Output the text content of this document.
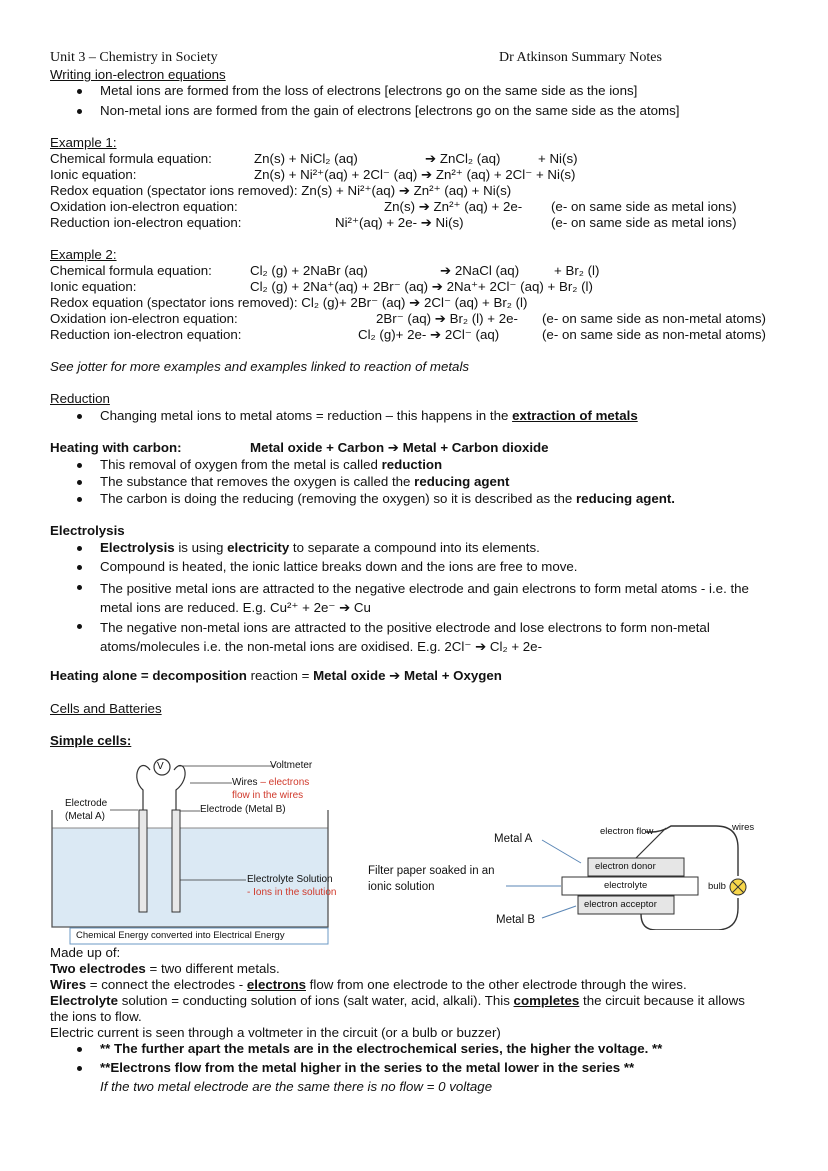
Unit 3 – Chemistry in Society	Dr Atkinson Summary Notes
Writing ion-electron equations
Metal ions are formed from the loss of electrons [electrons go on the same side as the ions]
Non-metal ions are formed from the gain of electrons [electrons go on the same side as the atoms]
Example 1:
Chemical formula equation:	Zn(s) + NiCl₂ (aq)	➔ ZnCl₂ (aq)	+ Ni(s)
Ionic equation:	Zn(s) + Ni²⁺(aq) + 2Cl⁻ (aq) ➔ Zn²⁺ (aq) + 2Cl⁻ + Ni(s)
Redox equation (spectator ions removed): Zn(s) + Ni²⁺(aq) ➔ Zn²⁺ (aq) + Ni(s)
Oxidation ion-electron equation:	Zn(s) ➔ Zn²⁺ (aq) + 2e- (e- on same side as metal ions)
Reduction ion-electron equation:	Ni²⁺(aq) + 2e- ➔ Ni(s)	(e- on same side as metal ions)
Example 2:
Chemical formula equation:	Cl₂ (g) + 2NaBr (aq)	➔ 2NaCl (aq)	+ Br₂ (l)
Ionic equation:	Cl₂ (g) + 2Na⁺(aq) + 2Br⁻ (aq) ➔ 2Na⁺+ 2Cl⁻ (aq) + Br₂ (l)
Redox equation (spectator ions removed): Cl₂ (g)+ 2Br⁻ (aq) ➔ 2Cl⁻ (aq) + Br₂ (l)
Oxidation ion-electron equation:	2Br⁻ (aq) ➔ Br₂ (l) + 2e- (e- on same side as non-metal atoms)
Reduction ion-electron equation:	Cl₂ (g)+ 2e- ➔ 2Cl⁻ (aq)	(e- on same side as non-metal atoms)
See jotter for more examples and examples linked to reaction of metals
Reduction
Changing metal ions to metal atoms = reduction – this happens in the extraction of metals
Heating with carbon:	Metal oxide + Carbon ➔ Metal + Carbon dioxide
This removal of oxygen from the metal is called reduction
The substance that removes the oxygen is called the reducing agent
The carbon is doing the reducing (removing the oxygen) so it is described as the reducing agent.
Electrolysis
Electrolysis is using electricity to separate a compound into its elements.
Compound is heated, the ionic lattice breaks down and the ions are free to move.
The positive metal ions are attracted to the negative electrode and gain electrons to form metal atoms - i.e. the metal ions are reduced. E.g. Cu²⁺ + 2e⁻ ➔ Cu
The negative non-metal ions are attracted to the positive electrode and lose electrons to form non-metal atoms/molecules i.e. the non-metal ions are oxidised. E.g. 2Cl⁻ ➔ Cl₂ + 2e-
Heating alone = decomposition reaction = Metal oxide ➔ Metal + Oxygen
Cells and Batteries
Simple cells:
V	Voltmeter
Wires – electrons
flow in the wires
Electrode (Metal B)
Electrode
(Metal A)
Electrolyte Solution
- Ions in the solution
Chemical Energy converted into Electrical Energy
Metal A
Metal B
Filter paper soaked in an
ionic solution
electron flow	wires
electron donor
electrolyte
electron acceptor
bulb
Made up of:
Two electrodes = two different metals.
Wires = connect the electrodes - electrons flow from one electrode to the other electrode through the wires.
Electrolyte solution = conducting solution of ions (salt water, acid, alkali). This completes the circuit because it allows the ions to flow.
Electric current is seen through a voltmeter in the circuit (or a bulb or buzzer)
** The further apart the metals are in the electrochemical series, the higher the voltage. **
**Electrons flow from the metal higher in the series to the metal lower in the series **
If the two metal electrode are the same there is no flow = 0 voltage
